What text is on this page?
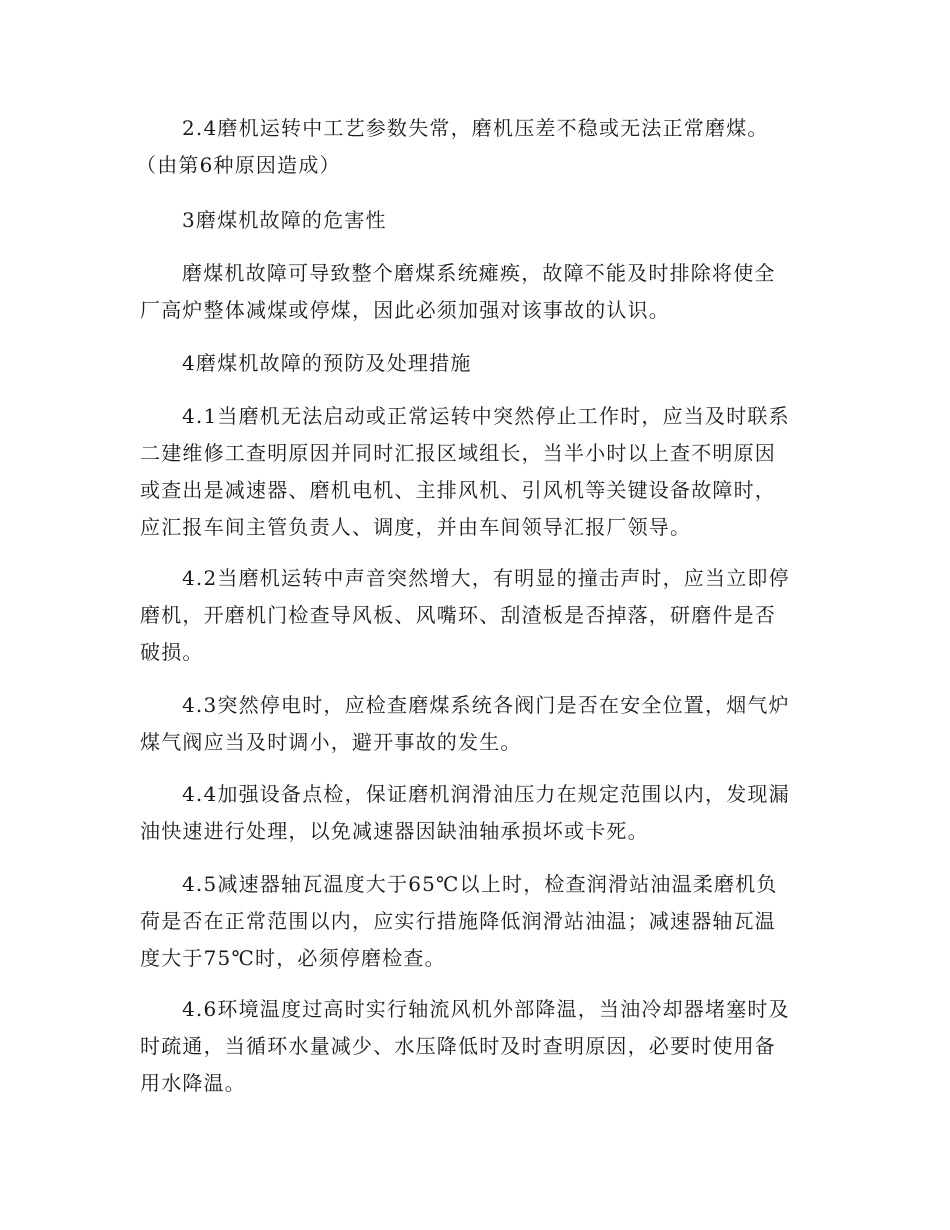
2.4磨机运转中工艺参数失常，磨机压差不稳或无法正常磨煤。
（由第6种原因造成）
3磨煤机故障的危害性
磨煤机故障可导致整个磨煤系统瘫痪，故障不能及时排除将使全
厂高炉整体减煤或停煤，因此必须加强对该事故的认识。
4磨煤机故障的预防及处理措施
4.1当磨机无法启动或正常运转中突然停止工作时，应当及时联系
二建维修工查明原因并同时汇报区域组长，当半小时以上查不明原因
或查出是减速器、磨机电机、主排风机、引风机等关键设备故障时，
应汇报车间主管负责人、调度，并由车间领导汇报厂领导。
4.2当磨机运转中声音突然增大，有明显的撞击声时，应当立即停
磨机，开磨机门检查导风板、风嘴环、刮渣板是否掉落，研磨件是否
破损。
4.3突然停电时，应检查磨煤系统各阀门是否在安全位置，烟气炉
煤气阀应当及时调小，避开事故的发生。
4.4加强设备点检，保证磨机润滑油压力在规定范围以内，发现漏
油快速进行处理，以免减速器因缺油轴承损坏或卡死。
4.5减速器轴瓦温度大于65℃以上时，检查润滑站油温柔磨机负
荷是否在正常范围以内，应实行措施降低润滑站油温；减速器轴瓦温
度大于75℃时，必须停磨检查。
4.6环境温度过高时实行轴流风机外部降温，当油冷却器堵塞时及
时疏通，当循环水量减少、水压降低时及时查明原因，必要时使用备
用水降温。
